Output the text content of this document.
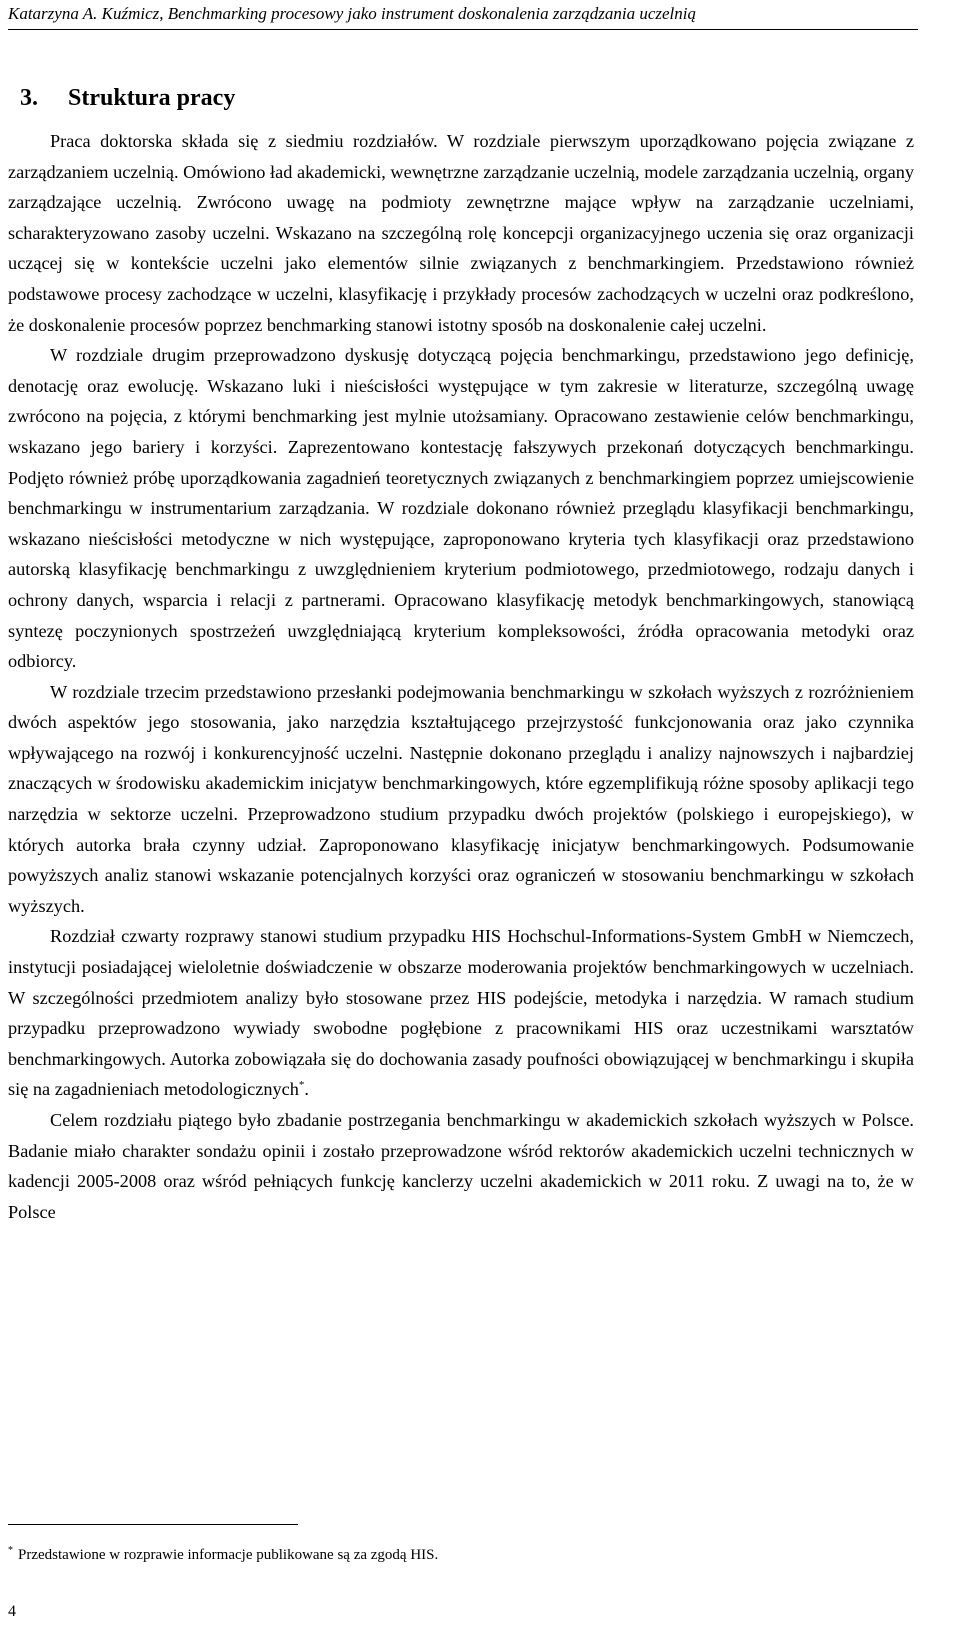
Katarzyna A. Kuźmicz, Benchmarking procesowy jako instrument doskonalenia zarządzania uczelnią
3. Struktura pracy

Praca doktorska składa się z siedmiu rozdziałów. W rozdziale pierwszym uporządkowano pojęcia związane z zarządzaniem uczelnią. Omówiono ład akademicki, wewnętrzne zarządzanie uczelnią, modele zarządzania uczelnią, organy zarządzające uczelnią. Zwrócono uwagę na podmioty zewnętrzne mające wpływ na zarządzanie uczelniami, scharakteryzowano zasoby uczelni. Wskazano na szczególną rolę koncepcji organizacyjnego uczenia się oraz organizacji uczącej się w kontekście uczelni jako elementów silnie związanych z benchmarkingiem. Przedstawiono również podstawowe procesy zachodzące w uczelni, klasyfikację i przykłady procesów zachodzących w uczelni oraz podkreślono, że doskonalenie procesów poprzez benchmarking stanowi istotny sposób na doskonalenie całej uczelni.

W rozdziale drugim przeprowadzono dyskusję dotyczącą pojęcia benchmarkingu, przedstawiono jego definicję, denotację oraz ewolucję. Wskazano luki i nieścisłości występujące w tym zakresie w literaturze, szczególną uwagę zwrócono na pojęcia, z którymi benchmarking jest mylnie utożsamiany. Opracowano zestawienie celów benchmarkingu, wskazano jego bariery i korzyści. Zaprezentowano kontestację fałszywych przekonań dotyczących benchmarkingu. Podjęto również próbę uporządkowania zagadnień teoretycznych związanych z benchmarkingiem poprzez umiejscowienie benchmarkingu w instrumentarium zarządzania. W rozdziale dokonano również przeglądu klasyfikacji benchmarkingu, wskazano nieścisłości metodyczne w nich występujące, zaproponowano kryteria tych klasyfikacji oraz przedstawiono autorską klasyfikację benchmarkingu z uwzględnieniem kryterium podmiotowego, przedmiotowego, rodzaju danych i ochrony danych, wsparcia i relacji z partnerami. Opracowano klasyfikację metodyk benchmarkingowych, stanowiącą syntezę poczynionych spostrzeżeń uwzględniającą kryterium kompleksowości, źródła opracowania metodyki oraz odbiorcy.

W rozdziale trzecim przedstawiono przesłanki podejmowania benchmarkingu w szkołach wyższych z rozróżnieniem dwóch aspektów jego stosowania, jako narzędzia kształtującego przejrzystość funkcjonowania oraz jako czynnika wpływającego na rozwój i konkurencyjność uczelni. Następnie dokonano przeglądu i analizy najnowszych i najbardziej znaczących w środowisku akademickim inicjatyw benchmarkingowych, które egzemplifikują różne sposoby aplikacji tego narzędzia w sektorze uczelni. Przeprowadzono studium przypadku dwóch projektów (polskiego i europejskiego), w których autorka brała czynny udział. Zaproponowano klasyfikację inicjatyw benchmarkingowych. Podsumowanie powyższych analiz stanowi wskazanie potencjalnych korzyści oraz ograniczeń w stosowaniu benchmarkingu w szkołach wyższych.

Rozdział czwarty rozprawy stanowi studium przypadku HIS Hochschul-Informations-System GmbH w Niemczech, instytucji posiadającej wieloletnie doświadczenie w obszarze moderowania projektów benchmarkingowych w uczelniach. W szczególności przedmiotem analizy było stosowane przez HIS podejście, metodyka i narzędzia. W ramach studium przypadku przeprowadzono wywiady swobodne pogłębione z pracownikami HIS oraz uczestnikami warsztatów benchmarkingowych. Autorka zobowiązała się do dochowania zasady poufności obowiązującej w benchmarkingu i skupiła się na zagadnieniach metodologicznych*.

Celem rozdziału piątego było zbadanie postrzegania benchmarkingu w akademickich szkołach wyższych w Polsce. Badanie miało charakter sondażu opinii i zostało przeprowadzone wśród rektorów akademickich uczelni technicznych w kadencji 2005-2008 oraz wśród pełniących funkcję kanclerzy uczelni akademickich w 2011 roku. Z uwagi na to, że w Polsce

* Przedstawione w rozprawie informacje publikowane są za zgodą HIS.
4
